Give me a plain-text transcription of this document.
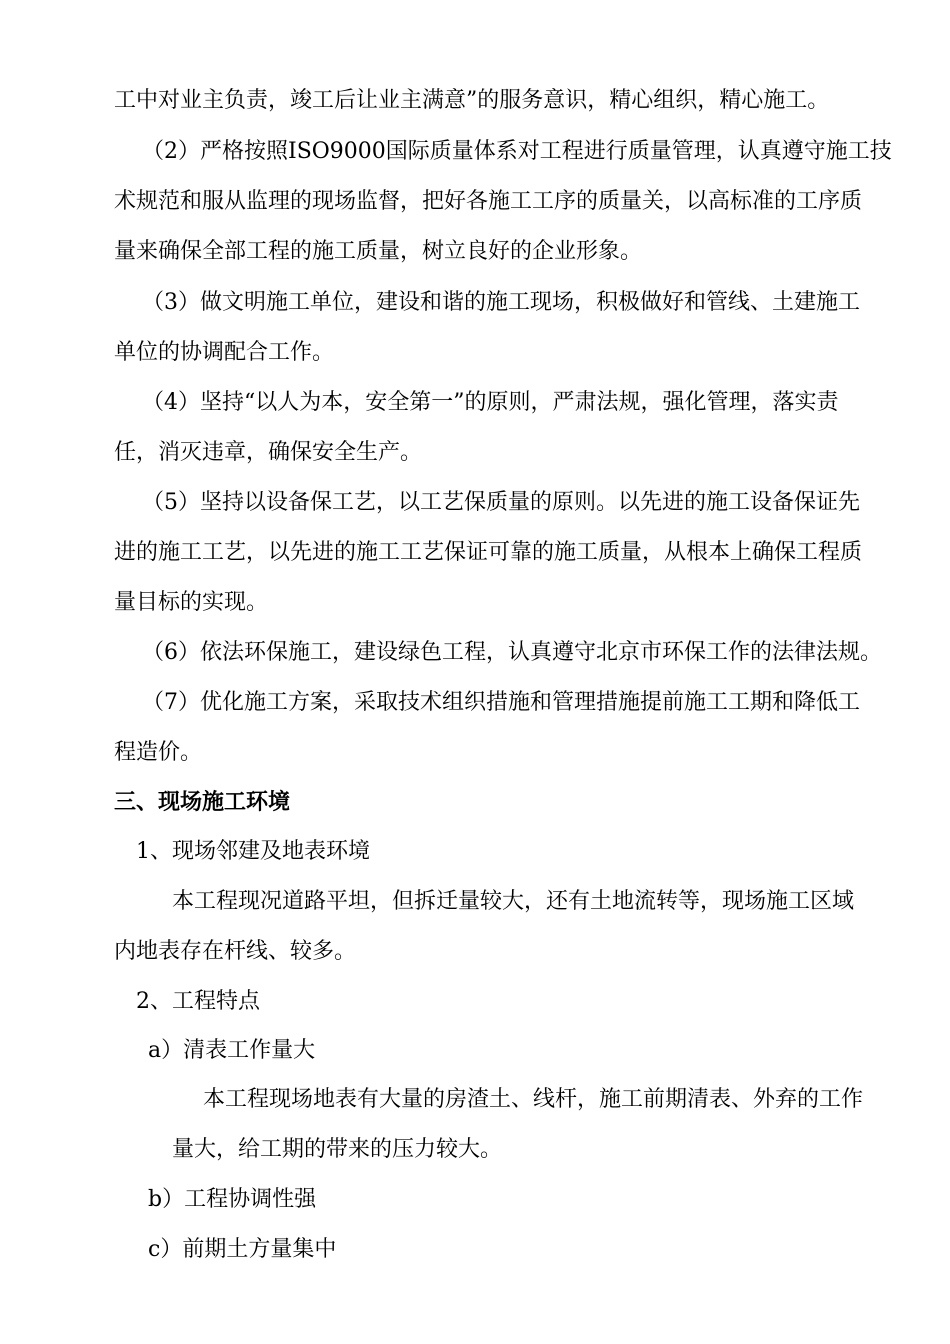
工中对业主负责，竣工后让业主满意”的服务意识，精心组织，精心施工。
（2）严格按照ISO9000国际质量体系对工程进行质量管理，认真遵守施工技
术规范和服从监理的现场监督，把好各施工工序的质量关，以高标准的工序质
量来确保全部工程的施工质量，树立良好的企业形象。
（3）做文明施工单位，建设和谐的施工现场，积极做好和管线、土建施工
单位的协调配合工作。
（4）坚持“以人为本，安全第一”的原则，严肃法规，强化管理，落实责
任，消灭违章，确保安全生产。
（5）坚持以设备保工艺，以工艺保质量的原则。以先进的施工设备保证先
进的施工工艺，以先进的施工工艺保证可靠的施工质量，从根本上确保工程质
量目标的实现。
（6）依法环保施工，建设绿色工程，认真遵守北京市环保工作的法律法规。
（7）优化施工方案，采取技术组织措施和管理措施提前施工工期和降低工
程造价。
三、现场施工环境
1、现场邻建及地表环境
本工程现况道路平坦，但拆迁量较大，还有土地流转等，现场施工区域
内地表存在杆线、较多。
2、工程特点
a）清表工作量大
本工程现场地表有大量的房渣土、线杆，施工前期清表、外弃的工作
量大，给工期的带来的压力较大。
b）工程协调性强
c）前期土方量集中
